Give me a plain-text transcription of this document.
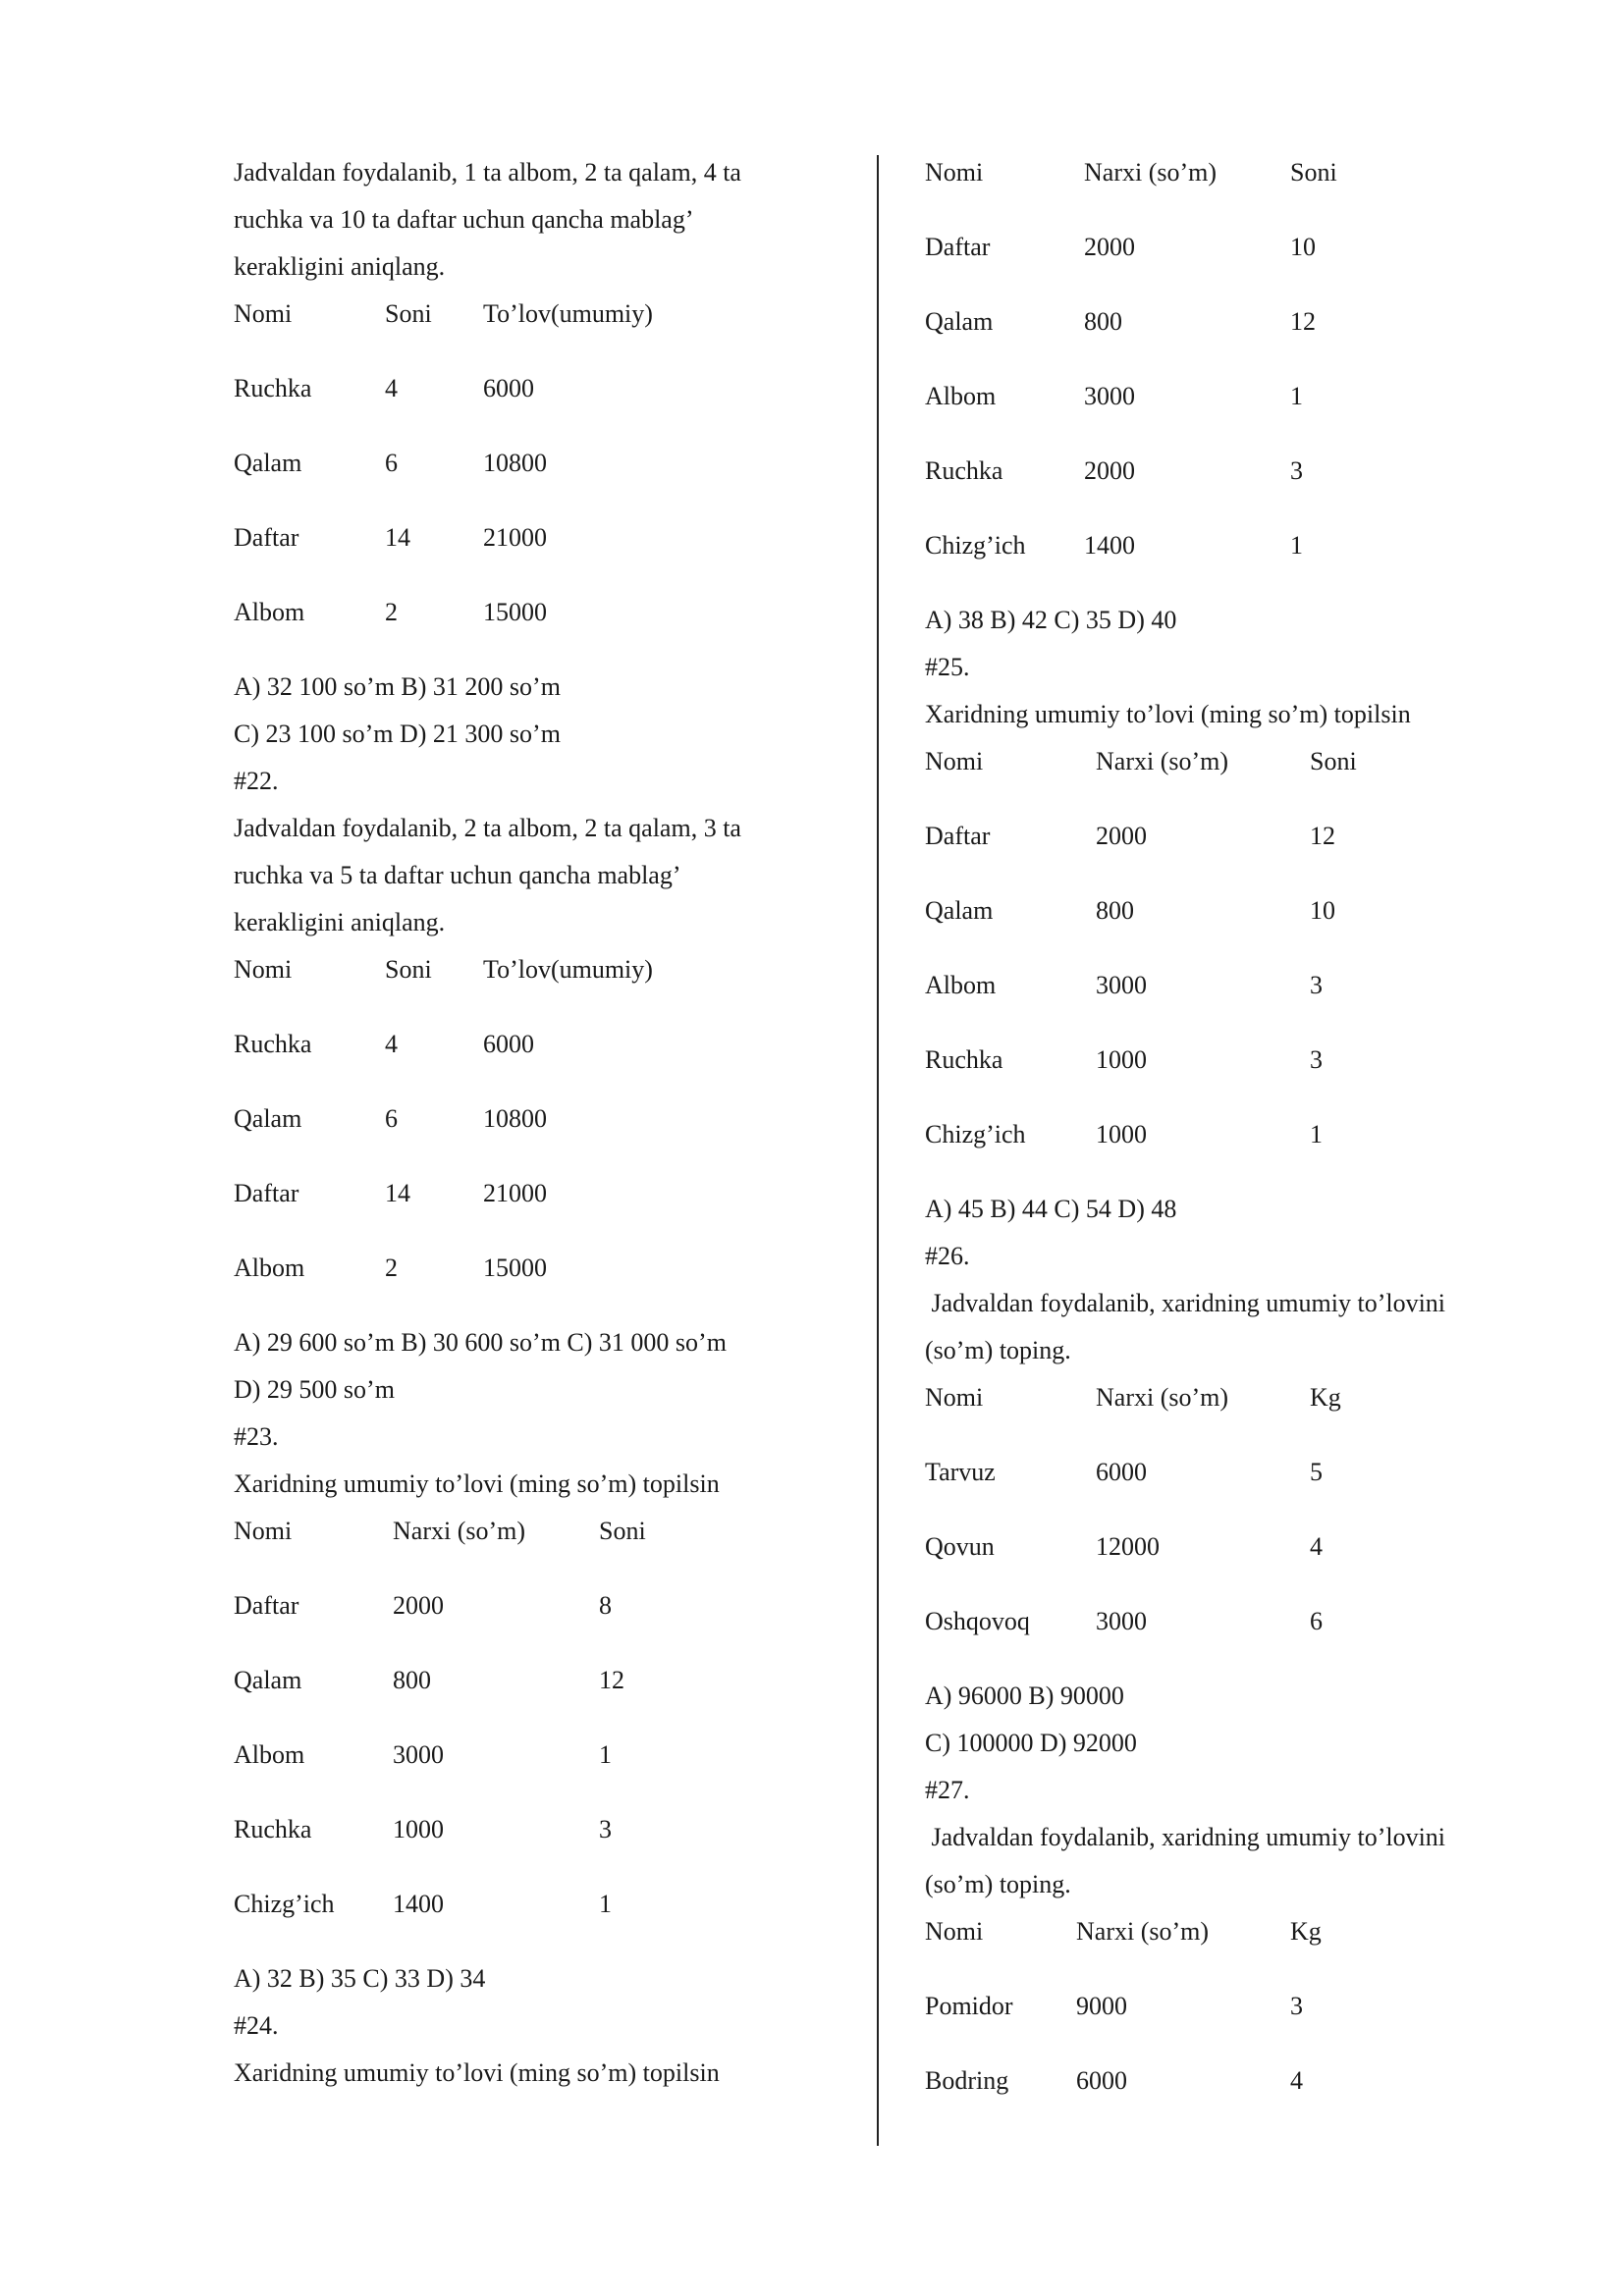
Jadvaldan foydalanib, 1 ta albom, 2 ta qalam, 4 ta
ruchka va 10 ta daftar uchun qancha mablag’
kerakligini aniqlang.
Nomi	Soni To’lov(umumiy)
Ruchka	4	6000
Qalam	6	10800
Daftar	14	21000
Albom	2	15000
A) 32 100 so’m B) 31 200 so’m
C) 23 100 so’m D) 21 300 so’m
#22.
Jadvaldan foydalanib, 2 ta albom, 2 ta qalam, 3 ta
ruchka va 5 ta daftar uchun qancha mablag’
kerakligini aniqlang.
Nomi	Soni To’lov(umumiy)
Ruchka	4	6000
Qalam	6	10800
Daftar	14	21000
Albom	2	15000
A) 29 600 so’m B) 30 600 so’m C) 31 000 so’m
D) 29 500 so’m
#23.
Xaridning umumiy to’lovi (ming so’m) topilsin
Nomi	Narxi (so’m)	Soni
Daftar	2000	8
Qalam	800	12
Albom	3000	1
Ruchka	1000	3
Chizg’ich 1400	1
A) 32 B) 35 C) 33 D) 34
#24.
Xaridning umumiy to’lovi (ming so’m) topilsin
Nomi	Narxi (so’m)	Soni
Daftar	2000	10
Qalam	800	12
Albom	3000	1
Ruchka	2000	3
Chizg’ich 1400	1
A) 38 B) 42 C) 35 D) 40
#25.
Xaridning umumiy to’lovi (ming so’m) topilsin
Nomi	Narxi (so’m)	Soni
Daftar	2000	12
Qalam	800	10
Albom	3000	3
Ruchka	1000	3
Chizg’ich	1000	1
A) 45 B) 44 C) 54 D) 48
#26.
Jadvaldan foydalanib, xaridning umumiy to’lovini
(so’m) toping.
Nomi	Narxi (so’m)	Kg
Tarvuz	6000	5
Qovun	12000	4
Oshqovoq	3000	6
A) 96000 B) 90000
C) 100000 D) 92000
#27.
Jadvaldan foydalanib, xaridning umumiy to’lovini
(so’m) toping.
Nomi	Narxi (so’m)	Kg
Pomidor 9000	3
Bodring	6000	4
